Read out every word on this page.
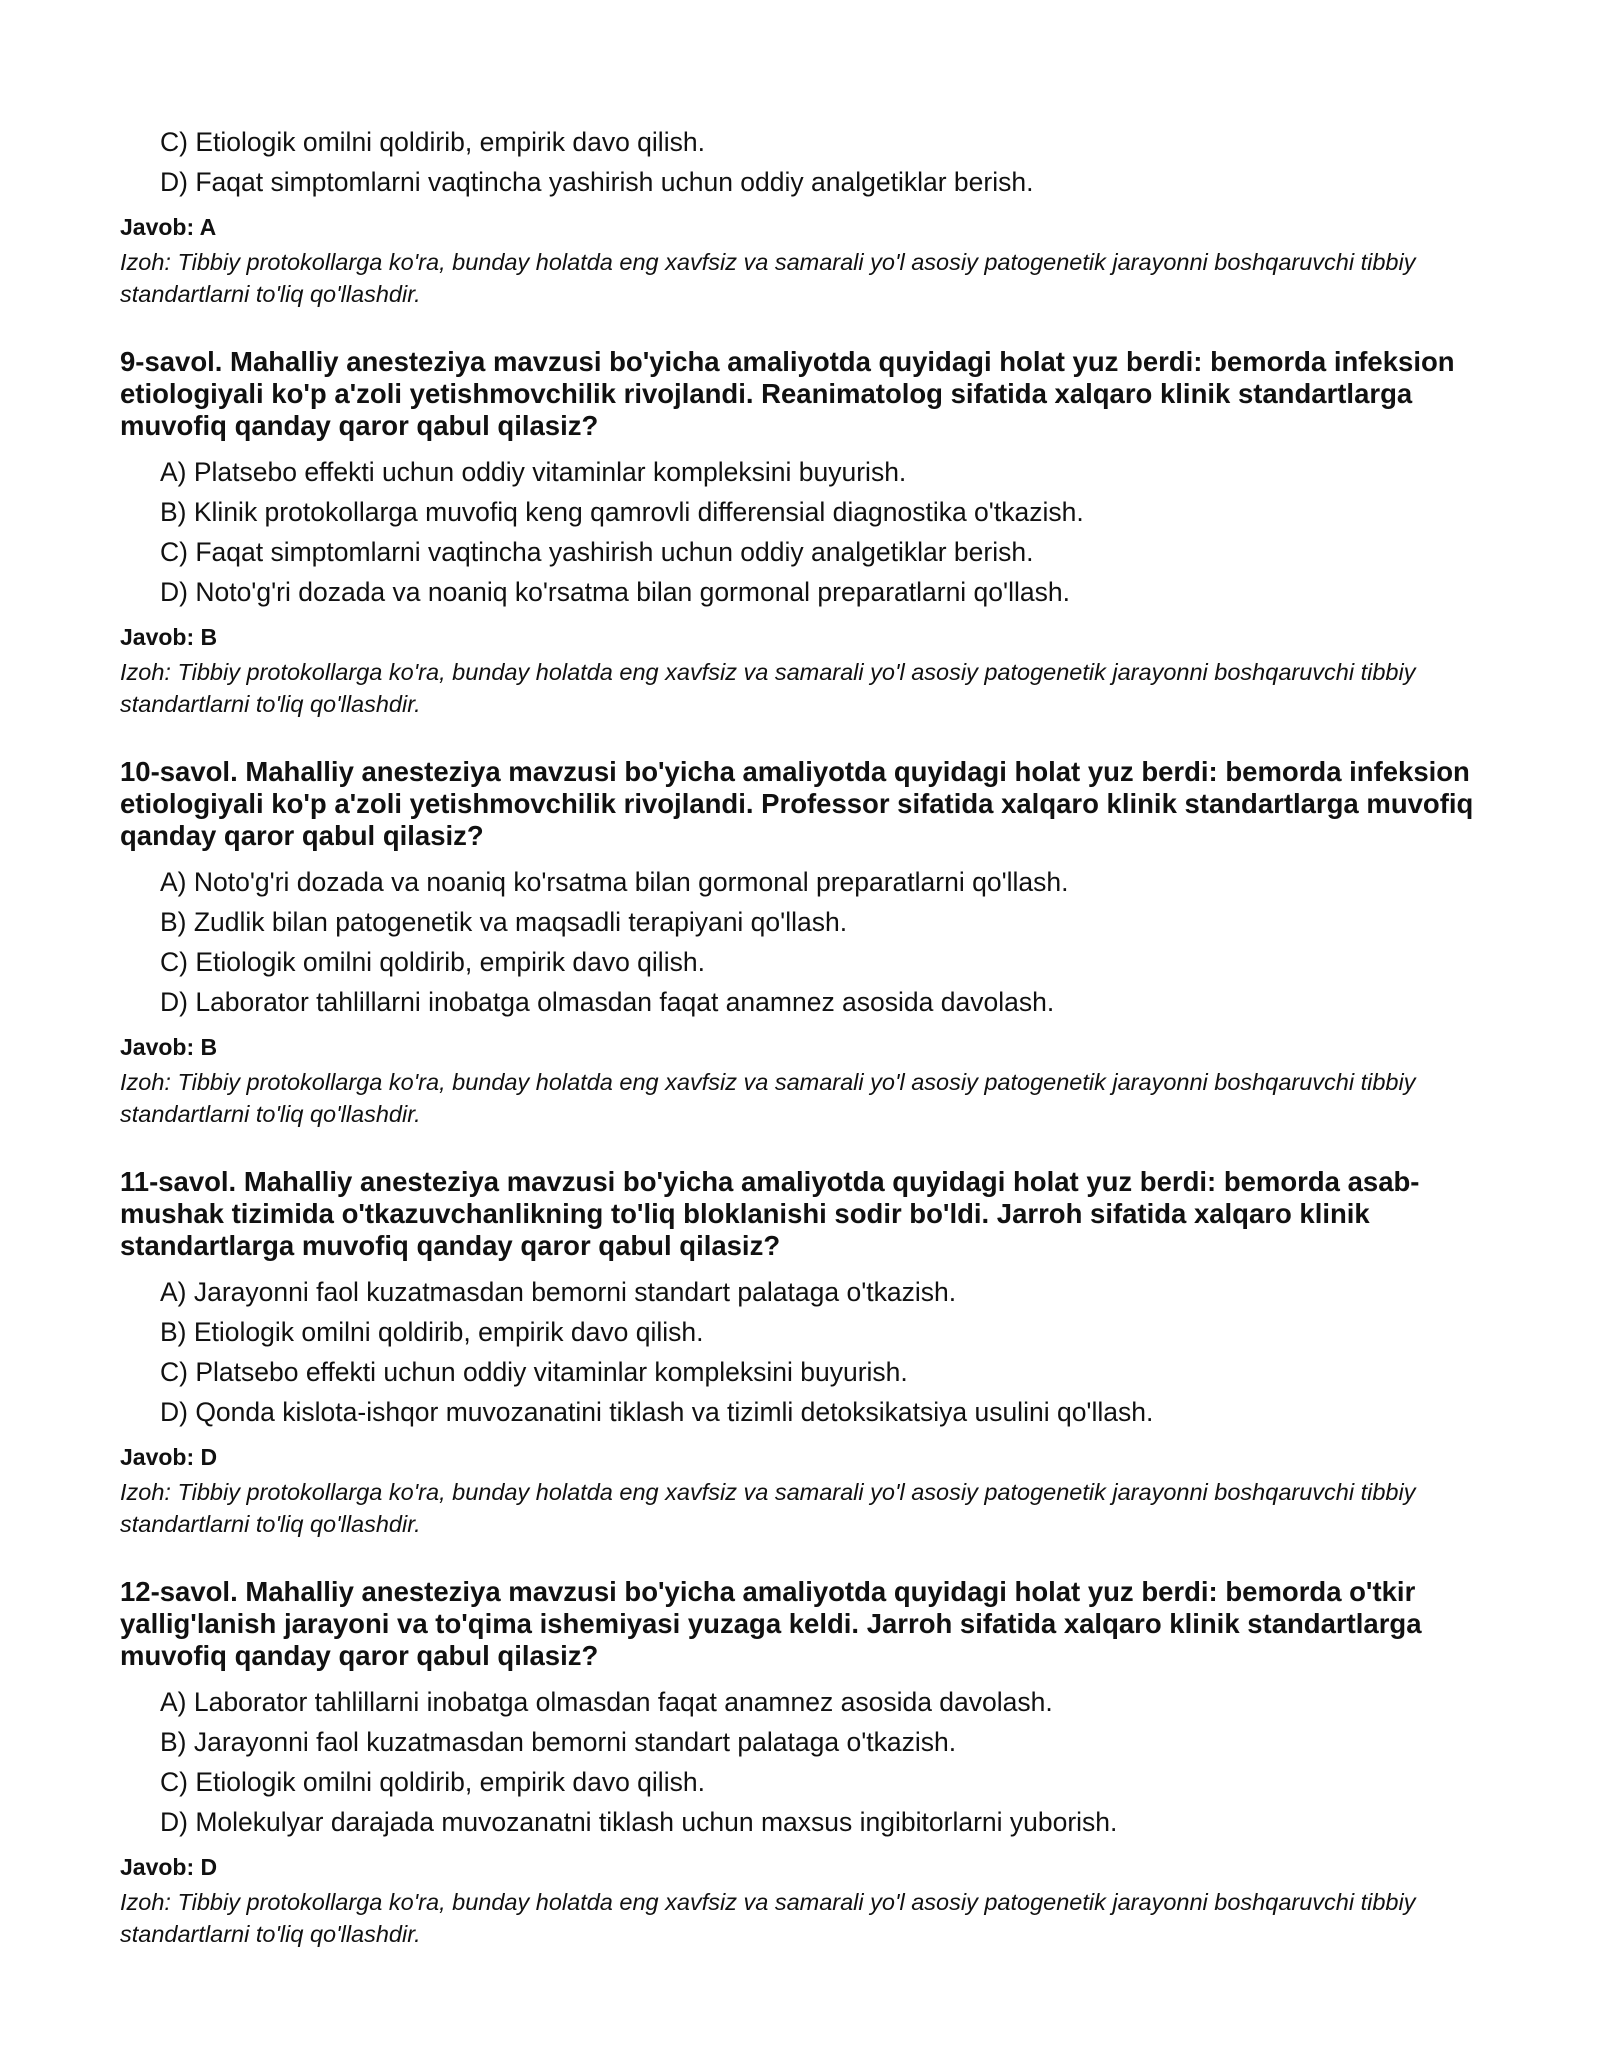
C) Etiologik omilni qoldirib, empirik davo qilish.
D) Faqat simptomlarni vaqtincha yashirish uchun oddiy analgetiklar berish.
Javob: A
Izoh: Tibbiy protokollarga ko'ra, bunday holatda eng xavfsiz va samarali yo'l asosiy patogenetik jarayonni boshqaruvchi tibbiy standartlarni to'liq qo'llashdir.
9-savol. Mahalliy anesteziya mavzusi bo'yicha amaliyotda quyidagi holat yuz berdi: bemorda infeksion etiologiyali ko'p a'zoli yetishmovchilik rivojlandi. Reanimatolog sifatida xalqaro klinik standartlarga muvofiq qanday qaror qabul qilasiz?
A) Platsebo effekti uchun oddiy vitaminlar kompleksini buyurish.
B) Klinik protokollarga muvofiq keng qamrovli differensial diagnostika o'tkazish.
C) Faqat simptomlarni vaqtincha yashirish uchun oddiy analgetiklar berish.
D) Noto'g'ri dozada va noaniq ko'rsatma bilan gormonal preparatlarni qo'llash.
Javob: B
Izoh: Tibbiy protokollarga ko'ra, bunday holatda eng xavfsiz va samarali yo'l asosiy patogenetik jarayonni boshqaruvchi tibbiy standartlarni to'liq qo'llashdir.
10-savol. Mahalliy anesteziya mavzusi bo'yicha amaliyotda quyidagi holat yuz berdi: bemorda infeksion etiologiyali ko'p a'zoli yetishmovchilik rivojlandi. Professor sifatida xalqaro klinik standartlarga muvofiq qanday qaror qabul qilasiz?
A) Noto'g'ri dozada va noaniq ko'rsatma bilan gormonal preparatlarni qo'llash.
B) Zudlik bilan patogenetik va maqsadli terapiyani qo'llash.
C) Etiologik omilni qoldirib, empirik davo qilish.
D) Laborator tahlillarni inobatga olmasdan faqat anamnez asosida davolash.
Javob: B
Izoh: Tibbiy protokollarga ko'ra, bunday holatda eng xavfsiz va samarali yo'l asosiy patogenetik jarayonni boshqaruvchi tibbiy standartlarni to'liq qo'llashdir.
11-savol. Mahalliy anesteziya mavzusi bo'yicha amaliyotda quyidagi holat yuz berdi: bemorda asab-mushak tizimida o'tkazuvchanlikning to'liq bloklanishi sodir bo'ldi. Jarroh sifatida xalqaro klinik standartlarga muvofiq qanday qaror qabul qilasiz?
A) Jarayonni faol kuzatmasdan bemorni standart palataga o'tkazish.
B) Etiologik omilni qoldirib, empirik davo qilish.
C) Platsebo effekti uchun oddiy vitaminlar kompleksini buyurish.
D) Qonda kislota-ishqor muvozanatini tiklash va tizimli detoksikatsiya usulini qo'llash.
Javob: D
Izoh: Tibbiy protokollarga ko'ra, bunday holatda eng xavfsiz va samarali yo'l asosiy patogenetik jarayonni boshqaruvchi tibbiy standartlarni to'liq qo'llashdir.
12-savol. Mahalliy anesteziya mavzusi bo'yicha amaliyotda quyidagi holat yuz berdi: bemorda o'tkir yallig'lanish jarayoni va to'qima ishemiyasi yuzaga keldi. Jarroh sifatida xalqaro klinik standartlarga muvofiq qanday qaror qabul qilasiz?
A) Laborator tahlillarni inobatga olmasdan faqat anamnez asosida davolash.
B) Jarayonni faol kuzatmasdan bemorni standart palataga o'tkazish.
C) Etiologik omilni qoldirib, empirik davo qilish.
D) Molekulyar darajada muvozanatni tiklash uchun maxsus ingibitorlarni yuborish.
Javob: D
Izoh: Tibbiy protokollarga ko'ra, bunday holatda eng xavfsiz va samarali yo'l asosiy patogenetik jarayonni boshqaruvchi tibbiy standartlarni to'liq qo'llashdir.
